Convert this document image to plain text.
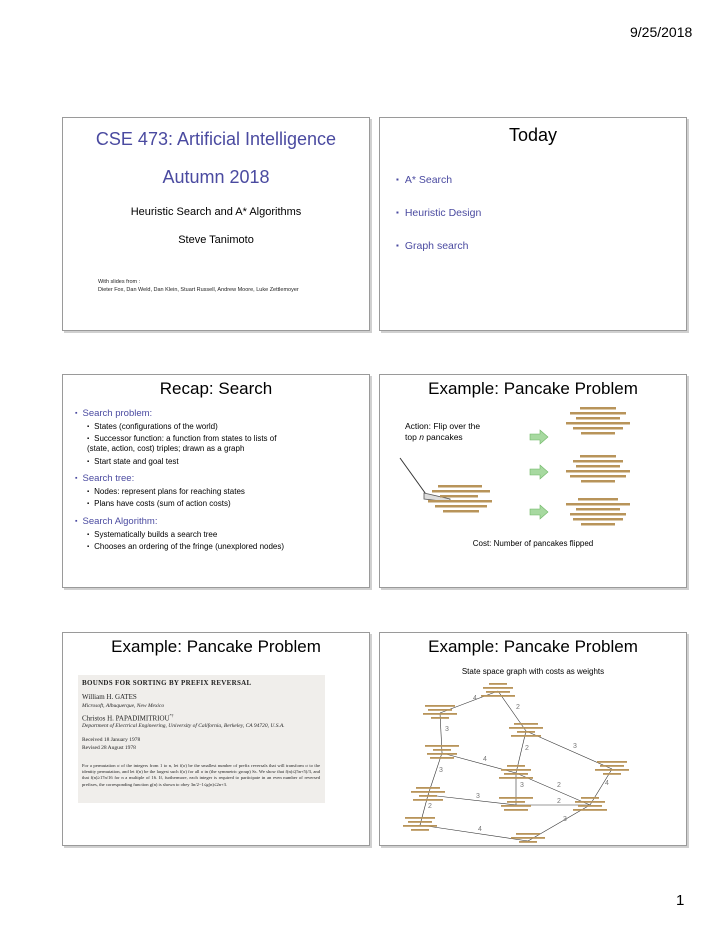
9/25/2018
CSE 473: Artificial Intelligence
Autumn 2018
Heuristic Search and A* Algorithms
Steve Tanimoto
With slides from :
Dieter Fox, Dan Weld, Dan Klein, Stuart Russell, Andrew Moore, Luke Zettlemoyer
Today
▪ A* Search
▪ Heuristic Design
▪ Graph search
Recap: Search
▪ Search problem:
▪ States (configurations of the world)
▪ Successor function: a function from states to lists of (state, action, cost) triples; drawn as a graph
▪ Start state and goal test
▪ Search tree:
▪ Nodes: represent plans for reaching states
▪ Plans have costs (sum of action costs)
▪ Search Algorithm:
▪ Systematically builds a search tree
▪ Chooses an ordering of the fringe (unexplored nodes)
Example: Pancake Problem
Action: Flip over the
top n pancakes
Cost: Number of pancakes flipped
Example: Pancake Problem
BOUNDS FOR SORTING BY PREFIX REVERSAL
William H. GATES
Microsoft, Albuquerque, New Mexico
Christos H. PAPADIMITRIOU*†
Department of Electrical Engineering, University of California, Berkeley, CA 94720, U.S.A.
Received 18 January 1978
Revised 28 August 1978
For a permutation σ of the integers from 1 to n, let f(σ) be the smallest number of prefix reversals that will transform σ to the identity permutation, and let f(n) be the largest such f(σ) for all σ in (the symmetric group) Sₙ. We show that f(n)≤(5n+5)/3, and that f(n)≥17n/16 for n a multiple of 16. If, furthermore, each integer is required to participate in an even number of reversed prefixes, the corresponding function g(n) is shown to obey 3n/2−1≤g(n)≤2n+3.
Example: Pancake Problem
State space graph with costs as weights
4
2
3
2	3
4
3	4
2
3
2
2
4
3
3
1
